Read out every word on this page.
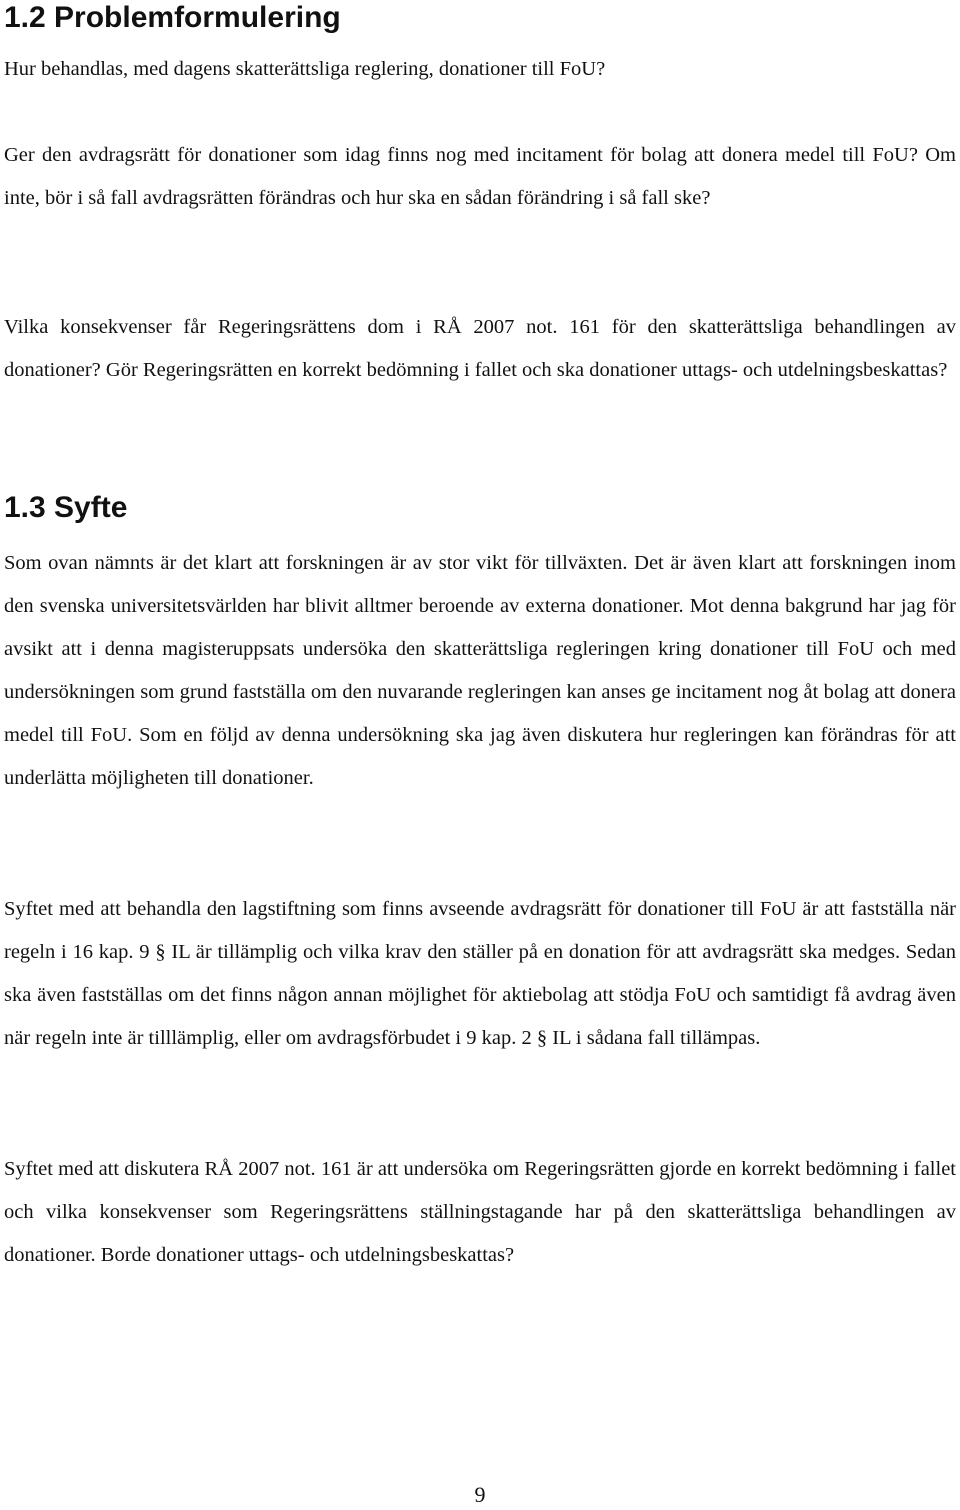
1.2 Problemformulering

Hur behandlas, med dagens skatterättsliga reglering, donationer till FoU?

Ger den avdragsrätt för donationer som idag finns nog med incitament för bolag att donera medel till FoU? Om inte, bör i så fall avdragsrätten förändras och hur ska en sådan förändring i så fall ske?

Vilka konsekvenser får Regeringsrättens dom i RÅ 2007 not. 161 för den skatterättsliga behandlingen av donationer? Gör Regeringsrätten en korrekt bedömning i fallet och ska donationer uttags- och utdelningsbeskattas?

1.3 Syfte

Som ovan nämnts är det klart att forskningen är av stor vikt för tillväxten. Det är även klart att forskningen inom den svenska universitetsvärlden har blivit alltmer beroende av externa donationer. Mot denna bakgrund har jag för avsikt att i denna magisteruppsats undersöka den skatterättsliga regleringen kring donationer till FoU och med undersökningen som grund fastställa om den nuvarande regleringen kan anses ge incitament nog åt bolag att donera medel till FoU. Som en följd av denna undersökning ska jag även diskutera hur regleringen kan förändras för att underlätta möjligheten till donationer.

Syftet med att behandla den lagstiftning som finns avseende avdragsrätt för donationer till FoU är att fastställa när regeln i 16 kap. 9 § IL är tillämplig och vilka krav den ställer på en donation för att avdragsrätt ska medges. Sedan ska även fastställas om det finns någon annan möjlighet för aktiebolag att stödja FoU och samtidigt få avdrag även när regeln inte är tilllämplig, eller om avdragsförbudet i 9 kap. 2 § IL i sådana fall tillämpas.

Syftet med att diskutera RÅ 2007 not. 161 är att undersöka om Regeringsrätten gjorde en korrekt bedömning i fallet och vilka konsekvenser som Regeringsrättens ställningstagande har på den skatterättsliga behandlingen av donationer. Borde donationer uttags- och utdelningsbeskattas?

9
